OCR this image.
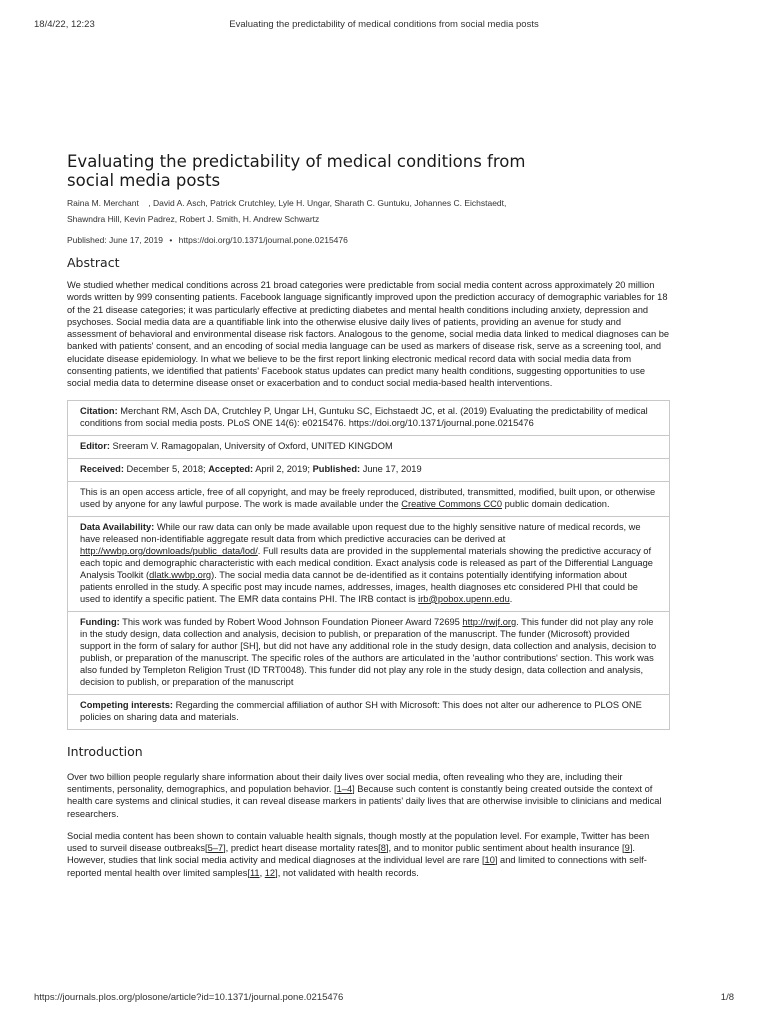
18/4/22, 12:23	Evaluating the predictability of medical conditions from social media posts
Evaluating the predictability of medical conditions from social media posts
Raina M. Merchant    , David A. Asch, Patrick Crutchley, Lyle H. Ungar, Sharath C. Guntuku, Johannes C. Eichstaedt,
Shawndra Hill, Kevin Padrez, Robert J. Smith, H. Andrew Schwartz
Published: June 17, 2019 • https://doi.org/10.1371/journal.pone.0215476
Abstract

We studied whether medical conditions across 21 broad categories were predictable from social media content across approximately 20 million words written by 999 consenting patients. Facebook language significantly improved upon the prediction accuracy of demographic variables for 18 of the 21 disease categories; it was particularly effective at predicting diabetes and mental health conditions including anxiety, depression and psychoses. Social media data are a quantifiable link into the otherwise elusive daily lives of patients, providing an avenue for study and assessment of behavioral and environmental disease risk factors. Analogous to the genome, social media data linked to medical diagnoses can be banked with patients' consent, and an encoding of social media language can be used as markers of disease risk, serve as a screening tool, and elucidate disease epidemiology. In what we believe to be the first report linking electronic medical record data with social media data from consenting patients, we identified that patients' Facebook status updates can predict many health conditions, suggesting opportunities to use social media data to determine disease onset or exacerbation and to conduct social media-based health interventions.

Citation: Merchant RM, Asch DA, Crutchley P, Ungar LH, Guntuku SC, Eichstaedt JC, et al. (2019) Evaluating the predictability of medical conditions from social media posts. PLoS ONE 14(6): e0215476. https://doi.org/10.1371/journal.pone.0215476
Editor: Sreeram V. Ramagopalan, University of Oxford, UNITED KINGDOM
Received: December 5, 2018; Accepted: April 2, 2019; Published: June 17, 2019
This is an open access article, free of all copyright, and may be freely reproduced, distributed, transmitted, modified, built upon, or otherwise used by anyone for any lawful purpose. The work is made available under the Creative Commons CC0 public domain dedication.
Data Availability: While our raw data can only be made available upon request due to the highly sensitive nature of medical records, we have released non-identifiable aggregate result data from which predictive accuracies can be derived at http://wwbp.org/downloads/public_data/lod/. Full results data are provided in the supplemental materials showing the predictive accuracy of each topic and demographic characteristic with each medical condition. Exact analysis code is released as part of the Differential Language Analysis Toolkit (dlatk.wwbp.org). The social media data cannot be de-identified as it contains potentially identifying information about patients enrolled in the study. A specific post may incude names, addresses, images, health diagnoses etc considered PHI that could be used to identify a specific patient. The EMR data contains PHI. The IRB contact is irb@pobox.upenn.edu.
Funding: This work was funded by Robert Wood Johnson Foundation Pioneer Award 72695 http://rwjf.org. This funder did not play any role in the study design, data collection and analysis, decision to publish, or preparation of the manuscript. The funder (Microsoft) provided support in the form of salary for author [SH], but did not have any additional role in the study design, data collection and analysis, decision to publish, or preparation of the manuscript. The specific roles of the authors are articulated in the 'author contributions' section. This work was also funded by Templeton Religion Trust (ID TRT0048). This funder did not play any role in the study design, data collection and analysis, decision to publish, or preparation of the manuscript
Competing interests: Regarding the commercial affiliation of author SH with Microsoft: This does not alter our adherence to PLOS ONE policies on sharing data and materials.
Introduction

Over two billion people regularly share information about their daily lives over social media, often revealing who they are, including their sentiments, personality, demographics, and population behavior. [1–4] Because such content is constantly being created outside the context of health care systems and clinical studies, it can reveal disease markers in patients' daily lives that are otherwise invisible to clinicians and medical researchers.

Social media content has been shown to contain valuable health signals, though mostly at the population level. For example, Twitter has been used to surveil disease outbreaks[5–7], predict heart disease mortality rates[8], and to monitor public sentiment about health insurance [9]. However, studies that link social media activity and medical diagnoses at the individual level are rare [10] and limited to connections with self-reported mental health over limited samples[11, 12], not validated with health records.

https://journals.plos.org/plosone/article?id=10.1371/journal.pone.0215476	1/8
